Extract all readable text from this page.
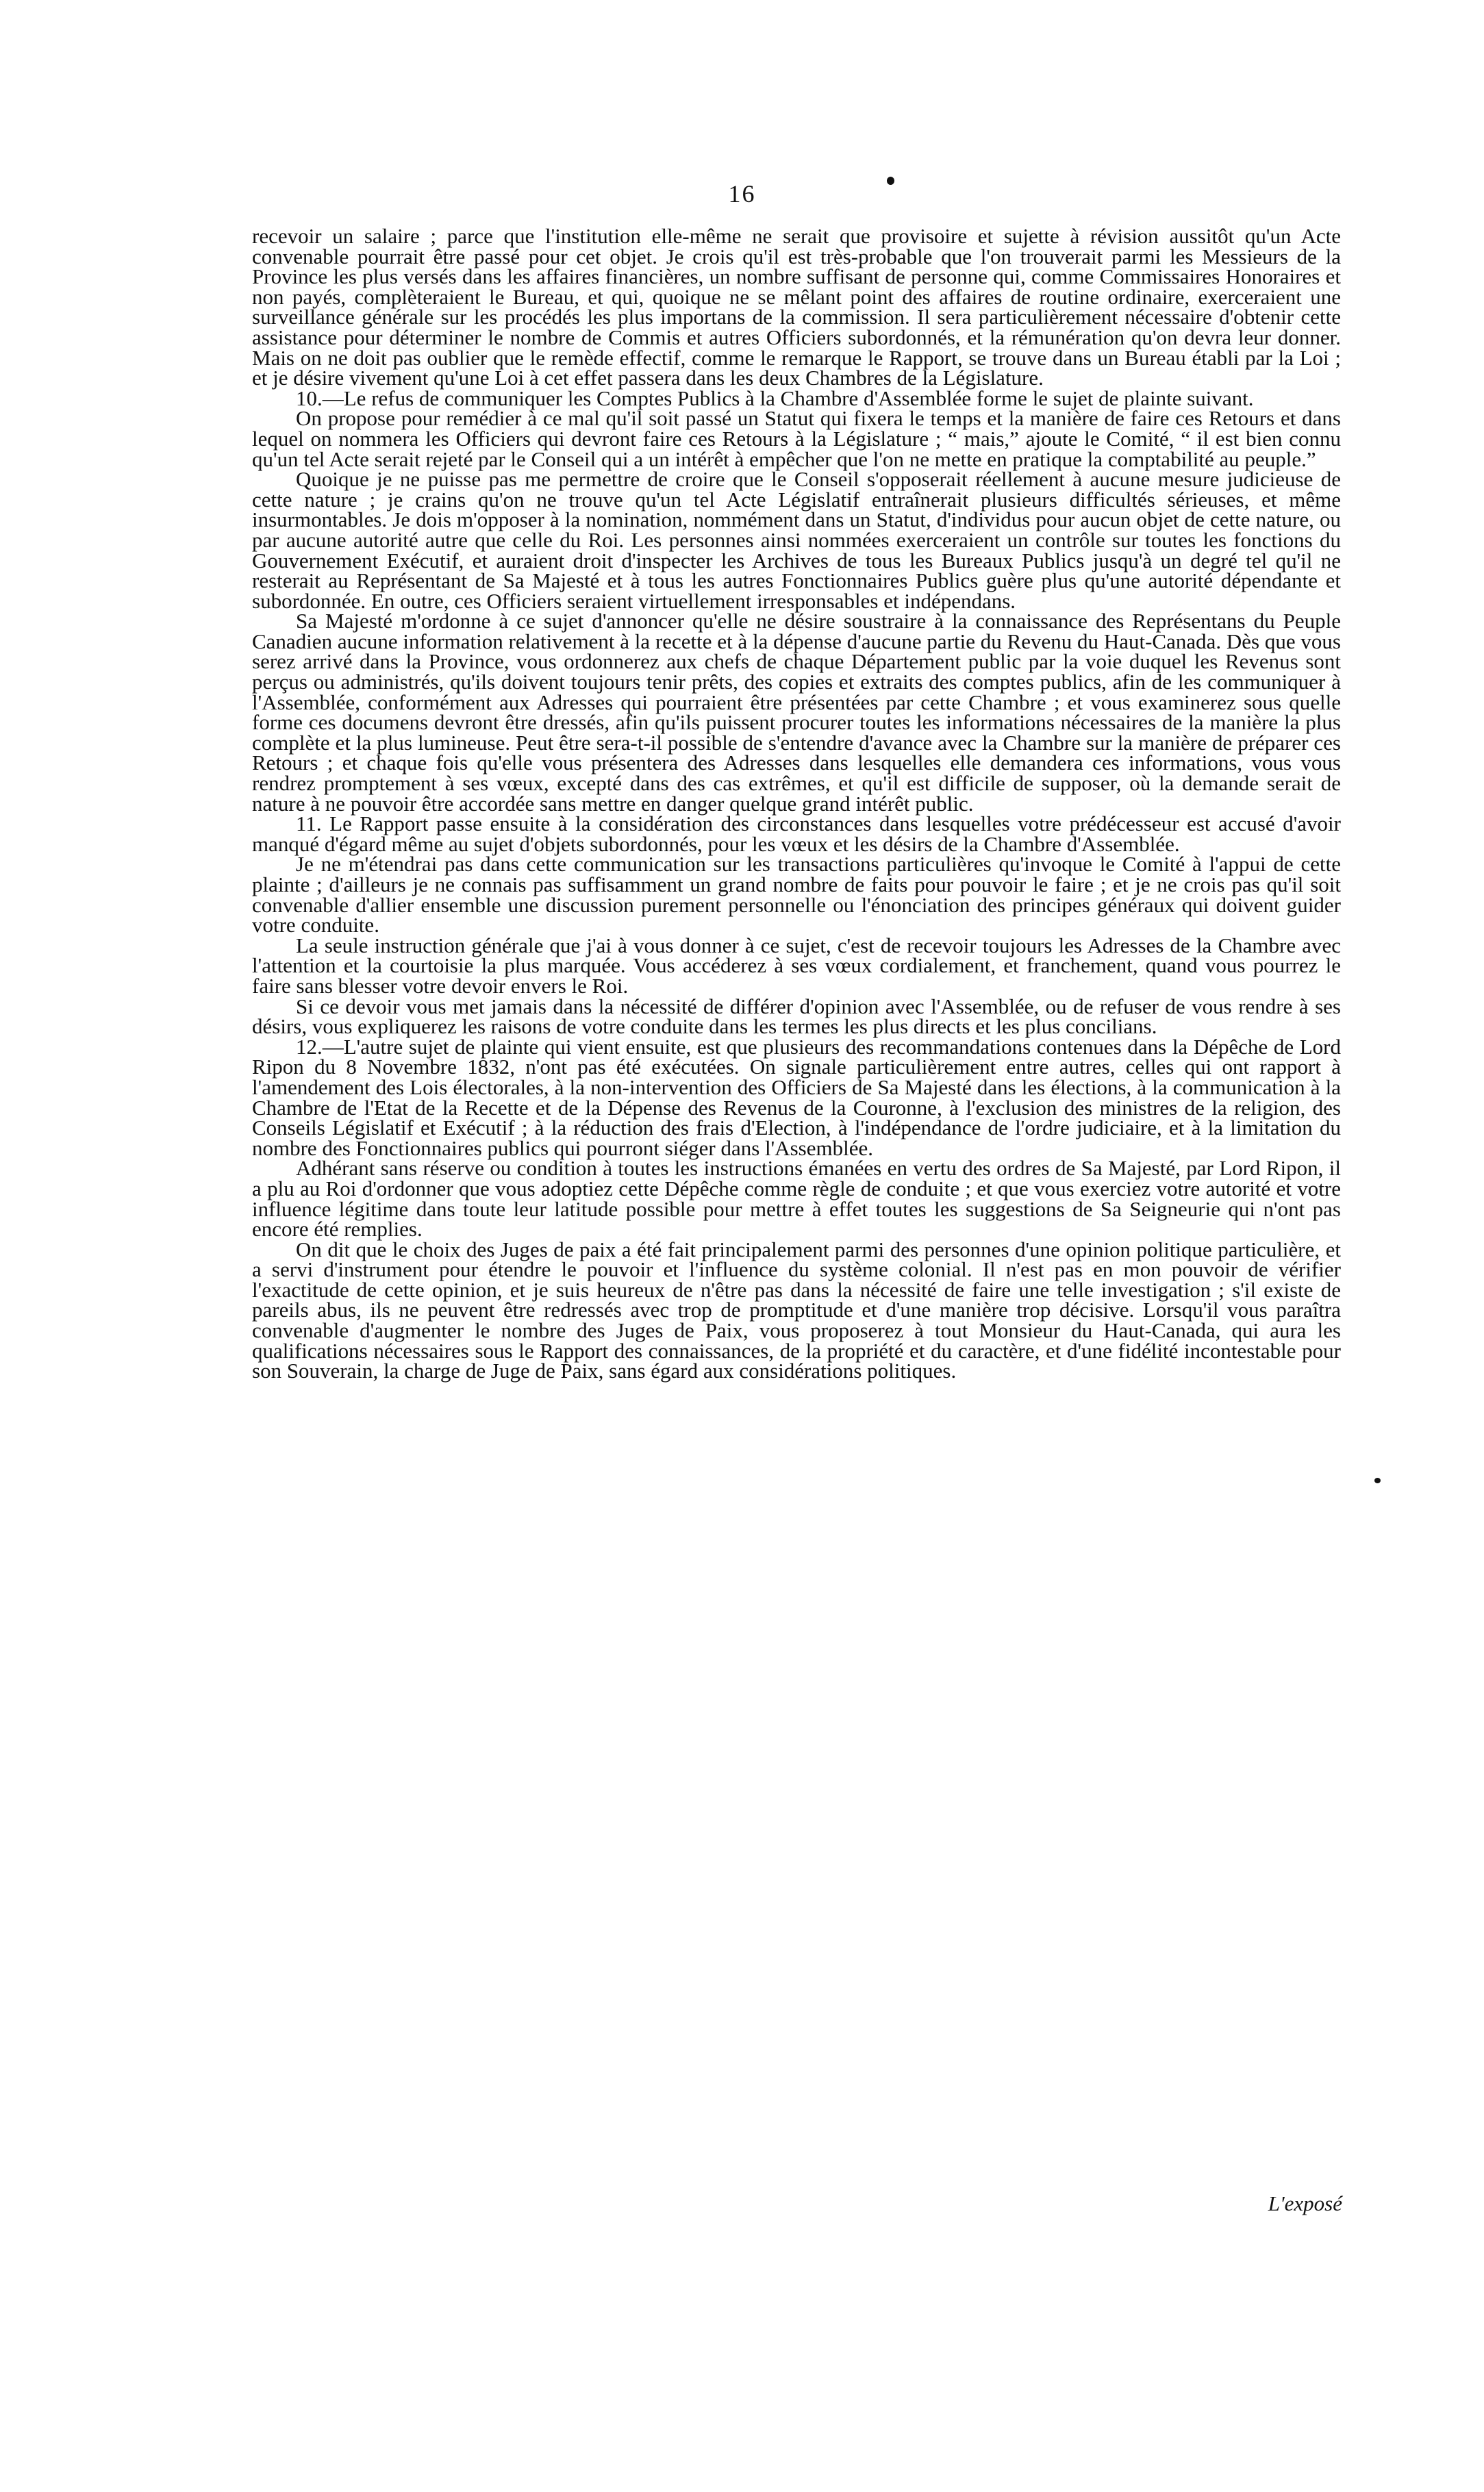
16

recevoir un salaire ; parce que l'institution elle-même ne serait que provisoire et sujette à révision aussitôt qu'un Acte convenable pourrait être passé pour cet objet. Je crois qu'il est très-probable que l'on trouverait parmi les Messieurs de la Province les plus versés dans les affaires financières, un nombre suffisant de personne qui, comme Commissaires Honoraires et non payés, complèteraient le Bureau, et qui, quoique ne se mêlant point des affaires de routine ordinaire, exerceraient une surveillance générale sur les procédés les plus importans de la commission. Il sera particulièrement nécessaire d'obtenir cette assistance pour déterminer le nombre de Commis et autres Officiers subordonnés, et la rémunération qu'on devra leur donner. Mais on ne doit pas oublier que le remède effectif, comme le remarque le Rapport, se trouve dans un Bureau établi par la Loi ; et je désire vivement qu'une Loi à cet effet passera dans les deux Chambres de la Législature.

10.—Le refus de communiquer les Comptes Publics à la Chambre d'Assemblée forme le sujet de plainte suivant.

On propose pour remédier à ce mal qu'il soit passé un Statut qui fixera le temps et la manière de faire ces Retours et dans lequel on nommera les Officiers qui devront faire ces Retours à la Législature ; “ mais,” ajoute le Comité, “ il est bien connu qu'un tel Acte serait rejeté par le Conseil qui a un intérêt à empêcher que l'on ne mette en pratique la comptabilité au peuple.”

Quoique je ne puisse pas me permettre de croire que le Conseil s'opposerait réellement à aucune mesure judicieuse de cette nature ; je crains qu'on ne trouve qu'un tel Acte Législatif entraînerait plusieurs difficultés sérieuses, et même insurmontables. Je dois m'opposer à la nomination, nommément dans un Statut, d'individus pour aucun objet de cette nature, ou par aucune autorité autre que celle du Roi. Les personnes ainsi nommées exerceraient un contrôle sur toutes les fonctions du Gouvernement Exécutif, et auraient droit d'inspecter les Archives de tous les Bureaux Publics jusqu'à un degré tel qu'il ne resterait au Représentant de Sa Majesté et à tous les autres Fonctionnaires Publics guère plus qu'une autorité dépendante et subordonnée. En outre, ces Officiers seraient virtuellement irresponsables et indépendans.

Sa Majesté m'ordonne à ce sujet d'annoncer qu'elle ne désire soustraire à la connaissance des Représentans du Peuple Canadien aucune information relativement à la recette et à la dépense d'aucune partie du Revenu du Haut-Canada. Dès que vous serez arrivé dans la Province, vous ordonnerez aux chefs de chaque Département public par la voie duquel les Revenus sont perçus ou administrés, qu'ils doivent toujours tenir prêts, des copies et extraits des comptes publics, afin de les communiquer à l'Assemblée, conformément aux Adresses qui pourraient être présentées par cette Chambre ; et vous examinerez sous quelle forme ces documens devront être dressés, afin qu'ils puissent procurer toutes les informations nécessaires de la manière la plus complète et la plus lumineuse. Peut être sera-t-il possible de s'entendre d'avance avec la Chambre sur la manière de préparer ces Retours ; et chaque fois qu'elle vous présentera des Adresses dans lesquelles elle demandera ces informations, vous vous rendrez promptement à ses vœux, excepté dans des cas extrêmes, et qu'il est difficile de supposer, où la demande serait de nature à ne pouvoir être accordée sans mettre en danger quelque grand intérêt public.

11. Le Rapport passe ensuite à la considération des circonstances dans lesquelles votre prédécesseur est accusé d'avoir manqué d'égard même au sujet d'objets subordonnés, pour les vœux et les désirs de la Chambre d'Assemblée.

Je ne m'étendrai pas dans cette communication sur les transactions particulières qu'invoque le Comité à l'appui de cette plainte ; d'ailleurs je ne connais pas suffisamment un grand nombre de faits pour pouvoir le faire ; et je ne crois pas qu'il soit convenable d'allier ensemble une discussion purement personnelle ou l'énonciation des principes généraux qui doivent guider votre conduite.

La seule instruction générale que j'ai à vous donner à ce sujet, c'est de recevoir toujours les Adresses de la Chambre avec l'attention et la courtoisie la plus marquée. Vous accéderez à ses vœux cordialement, et franchement, quand vous pourrez le faire sans blesser votre devoir envers le Roi.

Si ce devoir vous met jamais dans la nécessité de différer d'opinion avec l'Assemblée, ou de refuser de vous rendre à ses désirs, vous expliquerez les raisons de votre conduite dans les termes les plus directs et les plus concilians.

12.—L'autre sujet de plainte qui vient ensuite, est que plusieurs des recommandations contenues dans la Dépêche de Lord Ripon du 8 Novembre 1832, n'ont pas été exécutées. On signale particulièrement entre autres, celles qui ont rapport à l'amendement des Lois électorales, à la non-intervention des Officiers de Sa Majesté dans les élections, à la communication à la Chambre de l'Etat de la Recette et de la Dépense des Revenus de la Couronne, à l'exclusion des ministres de la religion, des Conseils Législatif et Exécutif ; à la réduction des frais d'Election, à l'indépendance de l'ordre judiciaire, et à la limitation du nombre des Fonctionnaires publics qui pourront siéger dans l'Assemblée.

Adhérant sans réserve ou condition à toutes les instructions émanées en vertu des ordres de Sa Majesté, par Lord Ripon, il a plu au Roi d'ordonner que vous adoptiez cette Dépêche comme règle de conduite ; et que vous exerciez votre autorité et votre influence légitime dans toute leur latitude possible pour mettre à effet toutes les suggestions de Sa Seigneurie qui n'ont pas encore été remplies.

On dit que le choix des Juges de paix a été fait principalement parmi des personnes d'une opinion politique particulière, et a servi d'instrument pour étendre le pouvoir et l'influence du système colonial. Il n'est pas en mon pouvoir de vérifier l'exactitude de cette opinion, et je suis heureux de n'être pas dans la nécessité de faire une telle investigation ; s'il existe de pareils abus, ils ne peuvent être redressés avec trop de promptitude et d'une manière trop décisive. Lorsqu'il vous paraîtra convenable d'augmenter le nombre des Juges de Paix, vous proposerez à tout Monsieur du Haut-Canada, qui aura les qualifications nécessaires sous le Rapport des connaissances, de la propriété et du caractère, et d'une fidélité incontestable pour son Souverain, la charge de Juge de Paix, sans égard aux considérations politiques.

L'exposé
